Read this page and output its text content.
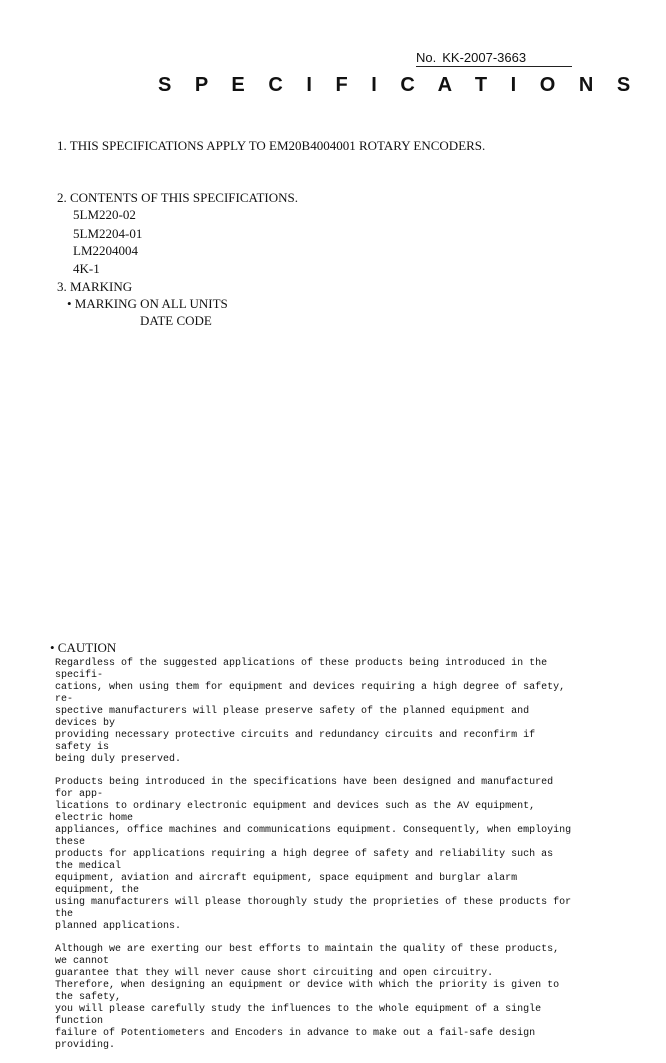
No. KK-2007-3663
S P E C I F I C A T I O N S
1. THIS SPECIFICATIONS APPLY TO EM20B4004001 ROTARY ENCODERS.
2. CONTENTS OF THIS SPECIFICATIONS.
5LM220-02
5LM2204-01
LM2204004
4K-1
3. MARKING
• MARKING ON ALL UNITS
DATE CODE
• CAUTION

Regardless of the suggested applications of these products being introduced in the specifi-
cations, when using them for equipment and devices requiring a high degree of safety, re-
spective manufacturers will please preserve safety of the planned equipment and devices by
providing necessary protective circuits and redundancy circuits and reconfirm if safety is
being duly preserved.

Products being introduced in the specifications have been designed and manufactured for app-
lications to ordinary electronic equipment and devices such as the AV equipment, electric home
appliances, office machines and communications equipment. Consequently, when employing these
products for applications requiring a high degree of safety and reliability such as the medical
equipment, aviation and aircraft equipment, space equipment and burglar alarm equipment, the
using manufacturers will please thoroughly study the proprieties of these products for the
planned applications.

Although we are exerting our best efforts to maintain the quality of these products, we cannot
guarantee that they will never cause short circuiting and open circuitry.
Therefore, when designing an equipment or device with which the priority is given to the safety,
you will please carefully study the influences to the whole equipment of a single function
failure of Potentiometers and Encoders in advance to make out a fail-safe design providing.
